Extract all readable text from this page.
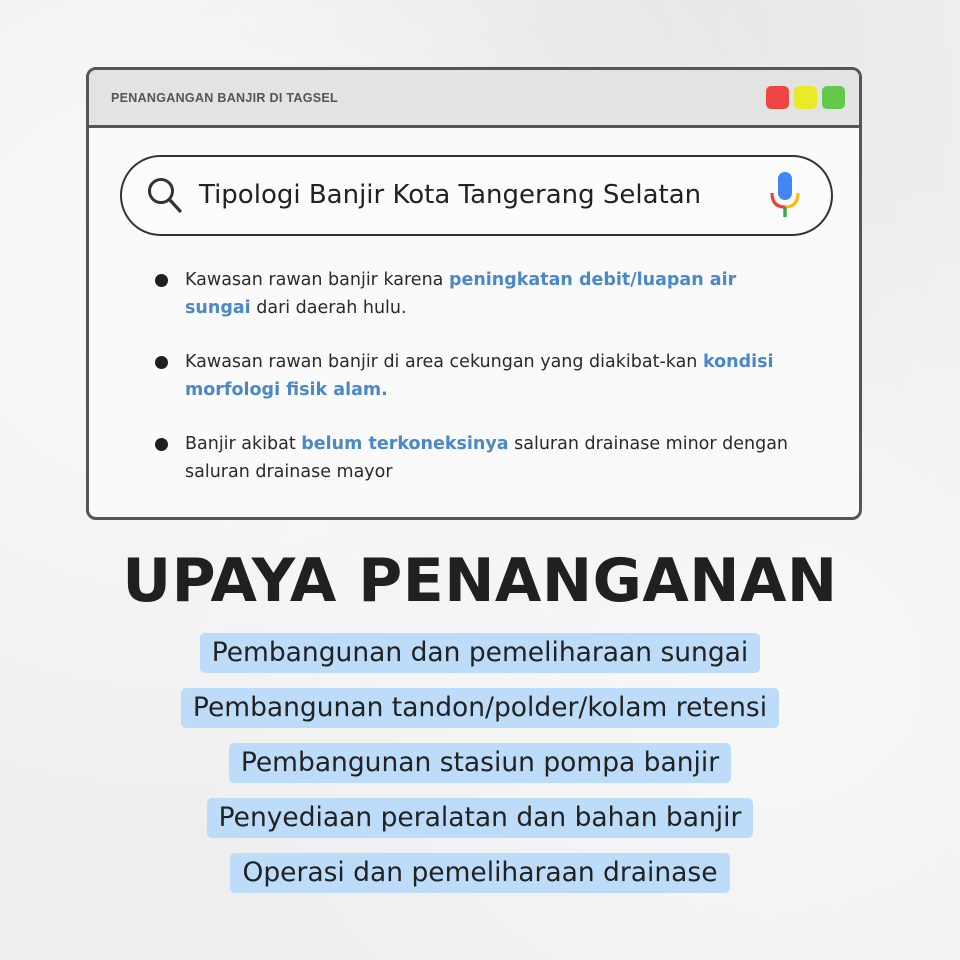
PENANGANGAN BANJIR DI TAGSEL
Tipologi Banjir Kota Tangerang Selatan
Kawasan rawan banjir karena peningkatan debit/luapan air sungai dari daerah hulu.
Kawasan rawan banjir di area cekungan yang diakibat-kan kondisi morfologi fisik alam.
Banjir akibat belum terkoneksinya saluran drainase minor dengan saluran drainase mayor
UPAYA PENANGANAN
Pembangunan dan pemeliharaan sungai
Pembangunan tandon/polder/kolam retensi
Pembangunan stasiun pompa banjir
Penyediaan peralatan dan bahan banjir
Operasi dan pemeliharaan drainase
